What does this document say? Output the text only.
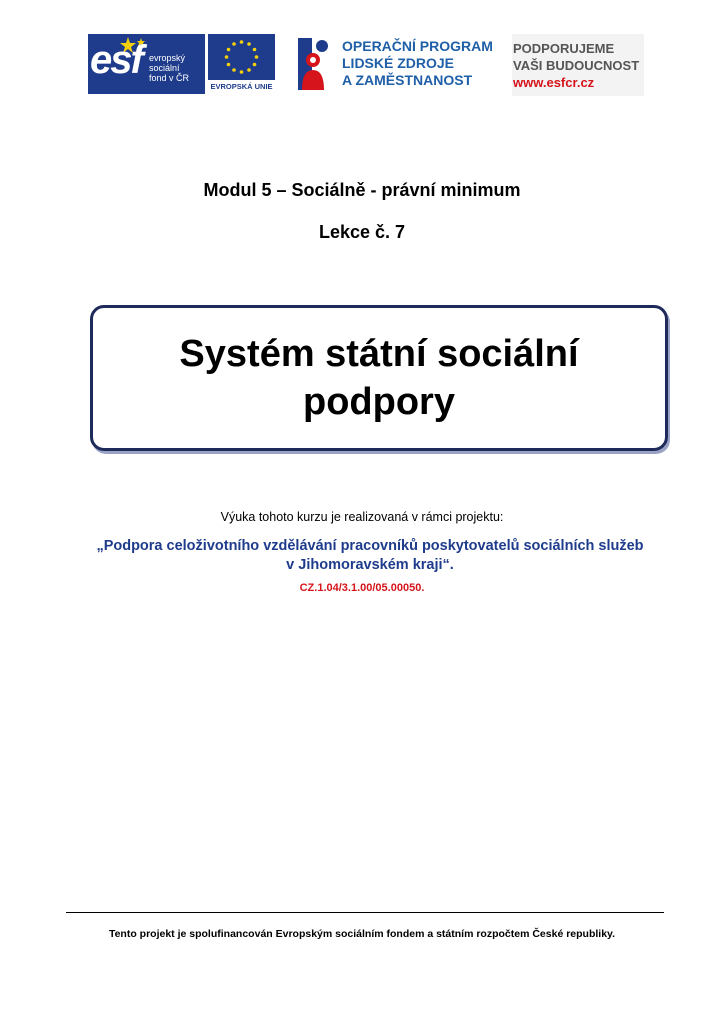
esf evropský
sociální
fond v ČR
EVROPSKÁ UNIE
OPERAČNÍ PROGRAM
LIDSKÉ ZDROJE
A ZAMĚSTNANOST
PODPORUJEME
VAŠI BUDOUCNOST
www.esfcr.cz
Modul 5 – Sociálně - právní minimum
Lekce č. 7
Systém státní sociální
podpory
Výuka tohoto kurzu je realizovaná v rámci projektu:
„Podpora celoživotního vzdělávání pracovníků poskytovatelů sociálních služeb
v Jihomoravském kraji“.
CZ.1.04/3.1.00/05.00050.
Tento projekt je spolufinancován Evropským sociálním fondem a státním rozpočtem České republiky.
